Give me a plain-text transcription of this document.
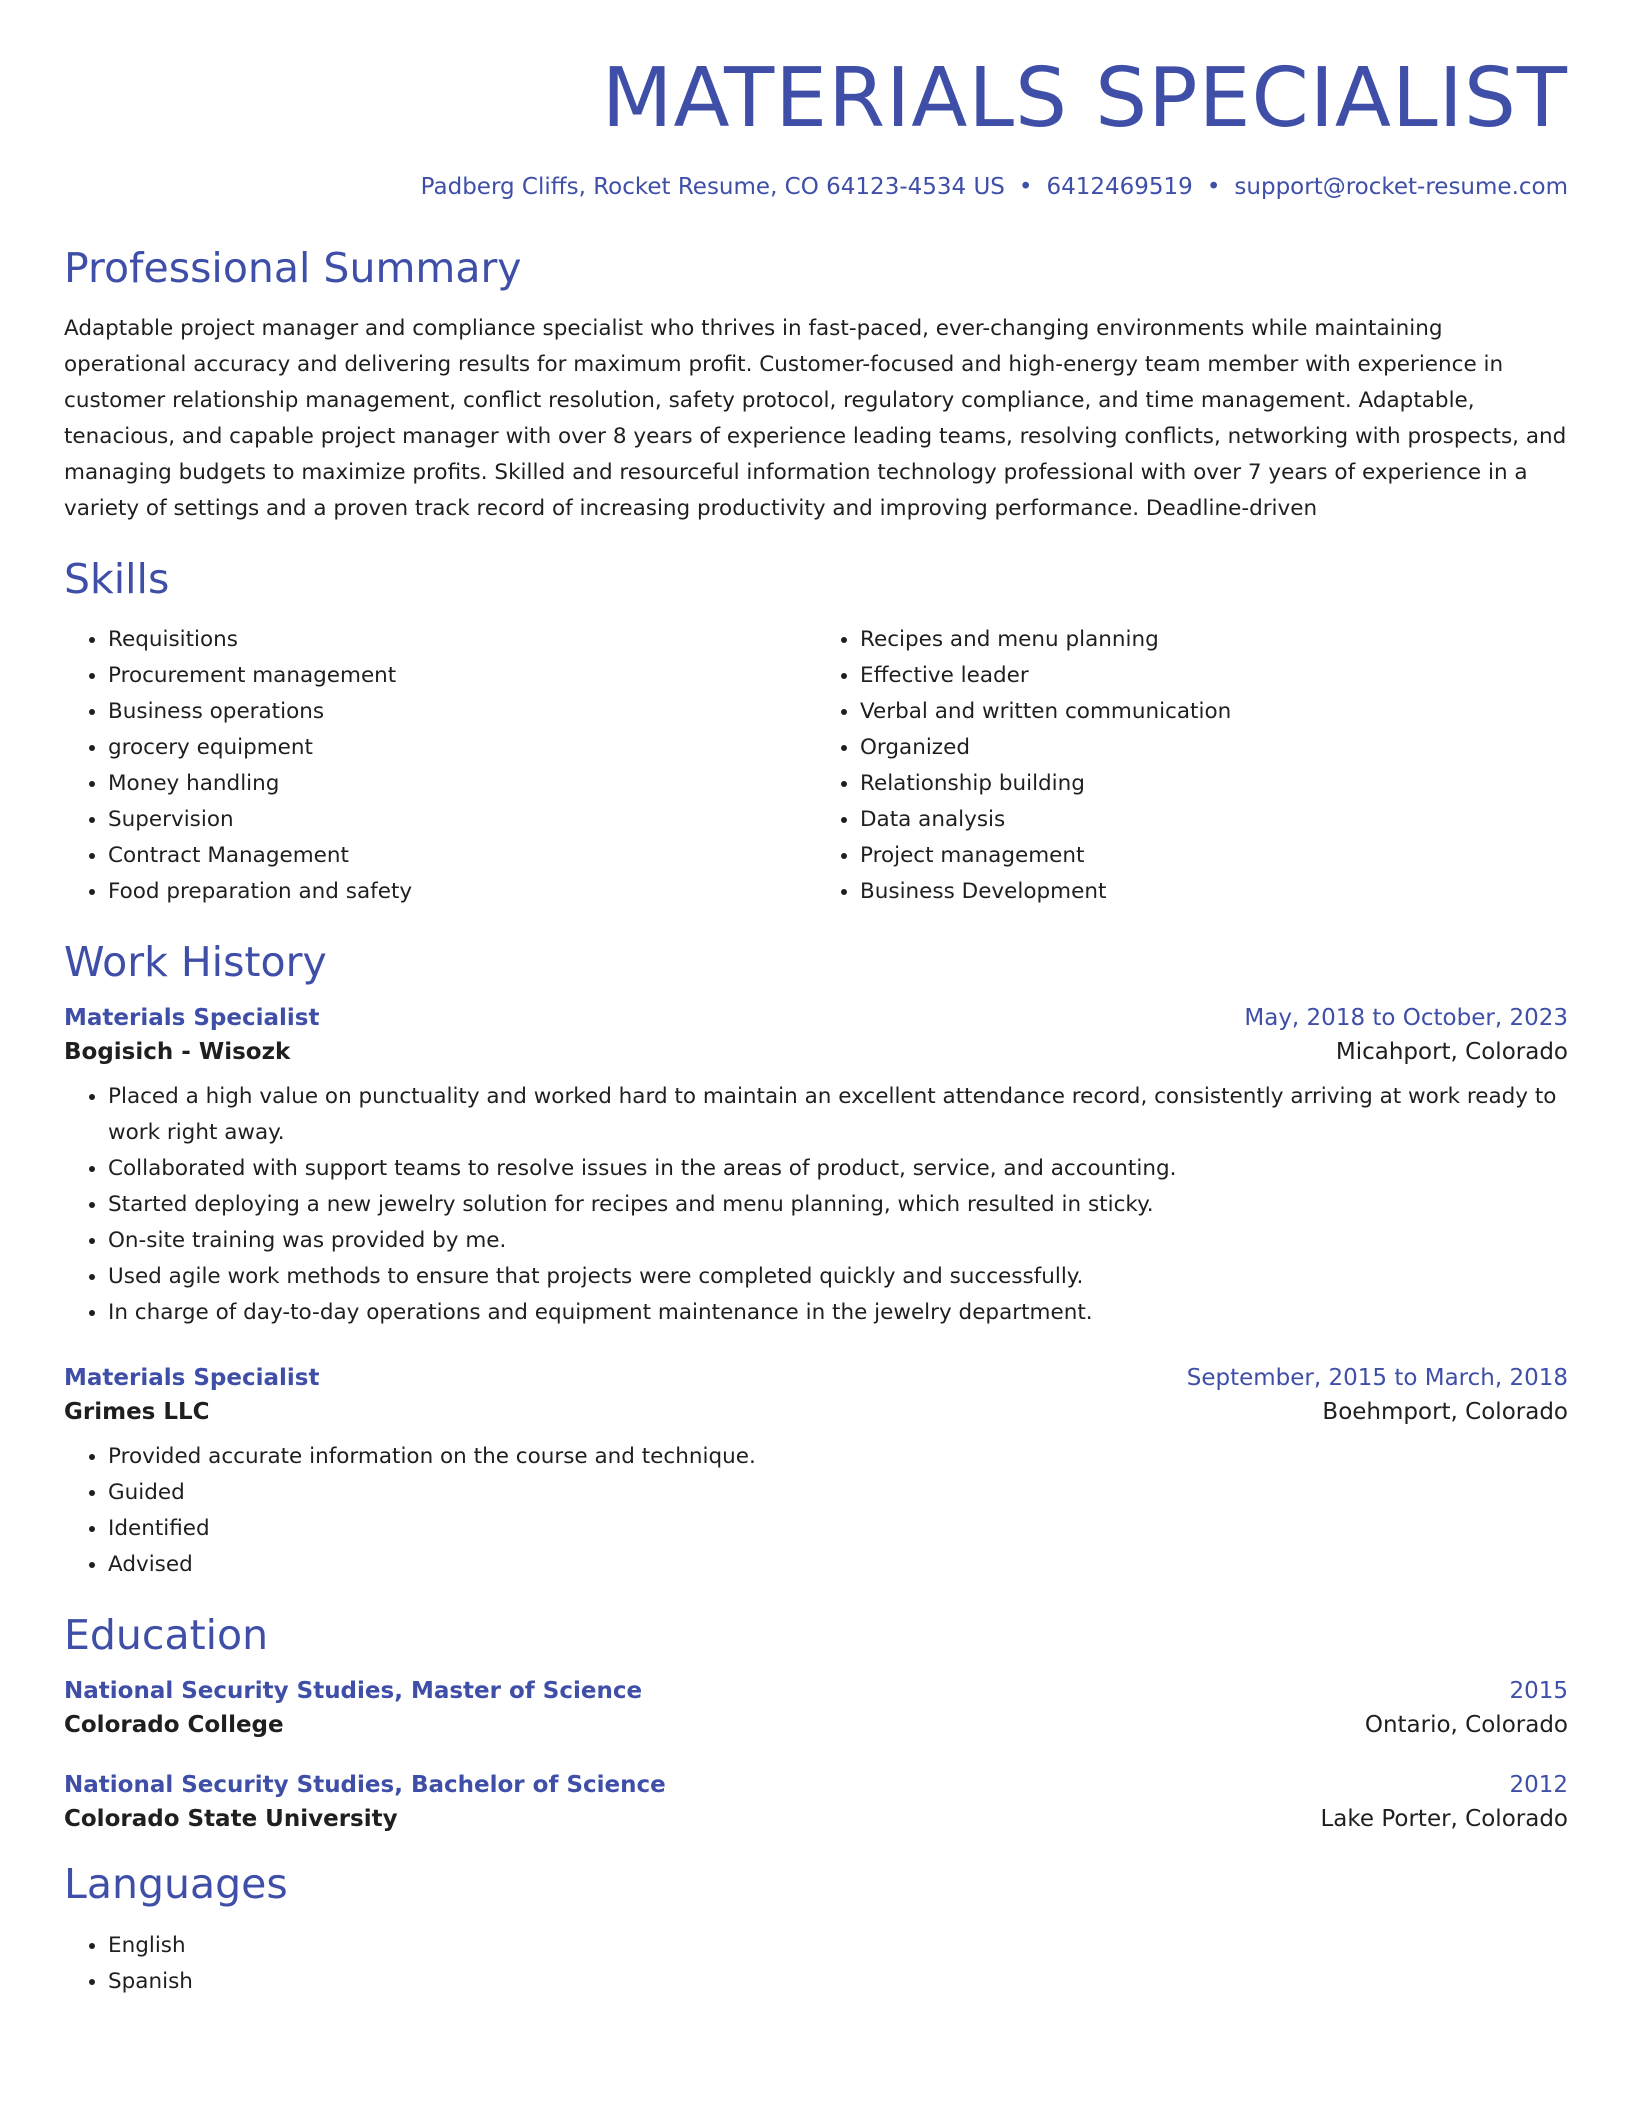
MATERIALS SPECIALIST
Padberg Cliffs, Rocket Resume, CO 64123-4534 US • 6412469519 • support@rocket-resume.com
Professional Summary

Adaptable project manager and compliance specialist who thrives in fast-paced, ever-changing environments while maintaining operational accuracy and delivering results for maximum profit. Customer-focused and high-energy team member with experience in customer relationship management, conflict resolution, safety protocol, regulatory compliance, and time management. Adaptable, tenacious, and capable project manager with over 8 years of experience leading teams, resolving conflicts, networking with prospects, and managing budgets to maximize profits. Skilled and resourceful information technology professional with over 7 years of experience in a variety of settings and a proven track record of increasing productivity and improving performance. Deadline-driven

Skills
• Requisitions
• Procurement management
• Business operations
• grocery equipment
• Money handling
• Supervision
• Contract Management
• Food preparation and safety
• Recipes and menu planning
• Effective leader
• Verbal and written communication
• Organized
• Relationship building
• Data analysis
• Project management
• Business Development
Work History
Materials Specialist	May, 2018 to October, 2023
Bogisich - Wisozk	Micahport, Colorado
• Placed a high value on punctuality and worked hard to maintain an excellent attendance record, consistently arriving at work ready to work right away.
• Collaborated with support teams to resolve issues in the areas of product, service, and accounting.
• Started deploying a new jewelry solution for recipes and menu planning, which resulted in sticky.
• On-site training was provided by me.
• Used agile work methods to ensure that projects were completed quickly and successfully.
• In charge of day-to-day operations and equipment maintenance in the jewelry department.
Materials Specialist	September, 2015 to March, 2018
Grimes LLC	Boehmport, Colorado
• Provided accurate information on the course and technique.
• Guided
• Identified
• Advised
Education
National Security Studies, Master of Science	2015
Colorado College	Ontario, Colorado
National Security Studies, Bachelor of Science	2012
Colorado State University	Lake Porter, Colorado
Languages
• English
• Spanish
